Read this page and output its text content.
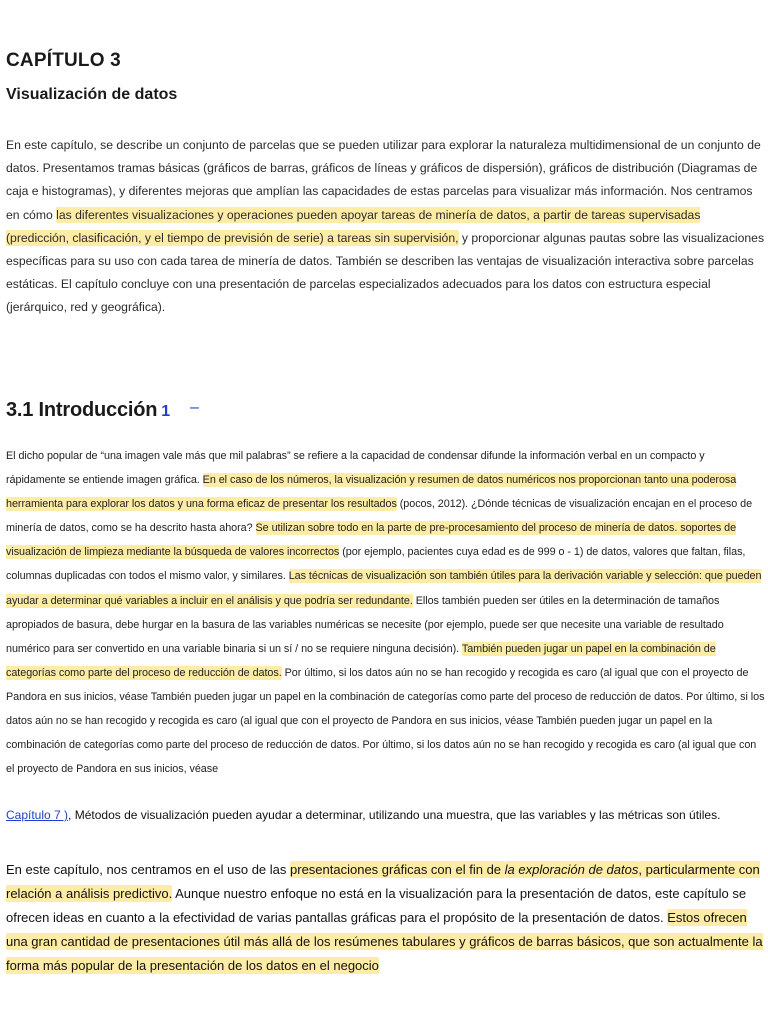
CAPÍTULO 3
Visualización de datos

En este capítulo, se describe un conjunto de parcelas que se pueden utilizar para explorar la naturaleza multidimensional de un conjunto de datos. Presentamos tramas básicas (gráficos de barras, gráficos de líneas y gráficos de dispersión), gráficos de distribución (Diagramas de caja e histogramas), y diferentes mejoras que amplían las capacidades de estas parcelas para visualizar más información. Nos centramos en cómo las diferentes visualizaciones y operaciones pueden apoyar tareas de minería de datos, a partir de tareas supervisadas (predicción, clasificación, y el tiempo de previsión de serie) a tareas sin supervisión, y proporcionar algunas pautas sobre las visualizaciones específicas para su uso con cada tarea de minería de datos. También se describen las ventajas de visualización interactiva sobre parcelas estáticas. El capítulo concluye con una presentación de parcelas especializados adecuados para los datos con estructura especial (jerárquico, red y geográfica).

3.1 Introducción 1 –

El dicho popular de “una imagen vale más que mil palabras” se refiere a la capacidad de condensar difunde la información verbal en un compacto y rápidamente se entiende imagen gráfica. En el caso de los números, la visualización y resumen de datos numéricos nos proporcionan tanto una poderosa herramienta para explorar los datos y una forma eficaz de presentar los resultados (pocos, 2012). ¿Dónde técnicas de visualización encajan en el proceso de minería de datos, como se ha descrito hasta ahora? Se utilizan sobre todo en la parte de pre-procesamiento del proceso de minería de datos. soportes de visualización de limpieza mediante la búsqueda de valores incorrectos (por ejemplo, pacientes cuya edad es de 999 o - 1) de datos, valores que faltan, filas, columnas duplicadas con todos el mismo valor, y similares. Las técnicas de visualización son también útiles para la derivación variable y selección: que pueden ayudar a determinar qué variables a incluir en el análisis y que podría ser redundante. Ellos también pueden ser útiles en la determinación de tamaños apropiados de basura, debe hurgar en la basura de las variables numéricas se necesite (por ejemplo, puede ser que necesite una variable de resultado numérico para ser convertido en una variable binaria si un sí / no se requiere ninguna decisión). También pueden jugar un papel en la combinación de categorías como parte del proceso de reducción de datos. Por último, si los datos aún no se han recogido y recogida es caro (al igual que con el proyecto de Pandora en sus inicios, véase También pueden jugar un papel en la combinación de categorías como parte del proceso de reducción de datos. Por último, si los datos aún no se han recogido y recogida es caro (al igual que con el proyecto de Pandora en sus inicios, véase También pueden jugar un papel en la combinación de categorías como parte del proceso de reducción de datos. Por último, si los datos aún no se han recogido y recogida es caro (al igual que con el proyecto de Pandora en sus inicios, véase

Capítulo 7 ), Métodos de visualización pueden ayudar a determinar, utilizando una muestra, que las variables y las métricas son útiles.

En este capítulo, nos centramos en el uso de las presentaciones gráficas con el fin de la exploración de datos, particularmente con relación a análisis predictivo. Aunque nuestro enfoque no está en la visualización para la presentación de datos, este capítulo se ofrecen ideas en cuanto a la efectividad de varias pantallas gráficas para el propósito de la presentación de datos. Estos ofrecen una gran cantidad de presentaciones útil más allá de los resúmenes tabulares y gráficos de barras básicos, que son actualmente la forma más popular de la presentación de los datos en el negocio
